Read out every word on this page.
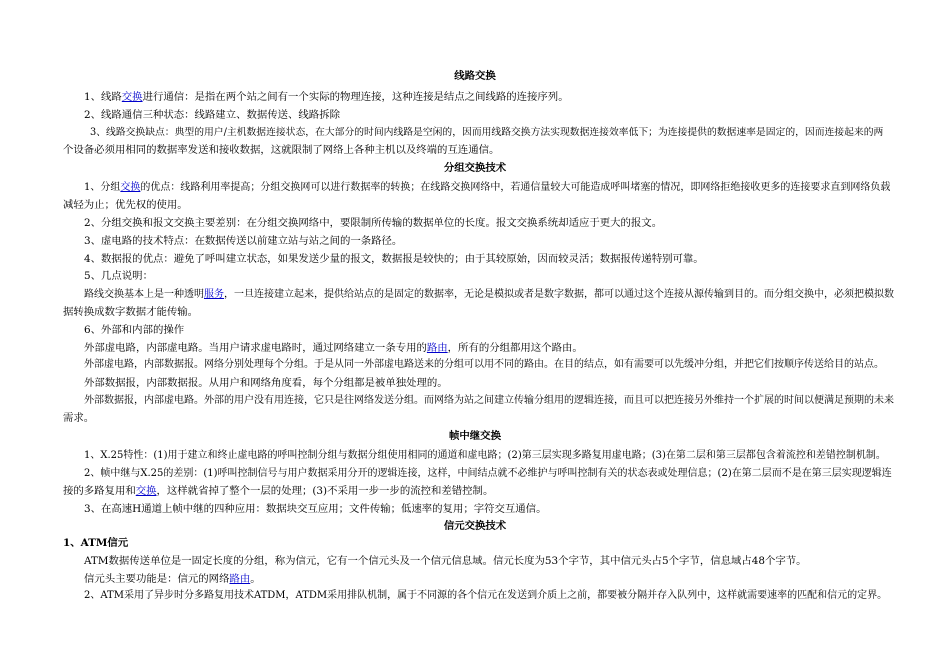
线路交换
1、线路交换进行通信：是指在两个站之间有一个实际的物理连接，这种连接是结点之间线路的连接序列。
2、线路通信三种状态：线路建立、数据传送、线路拆除
3、线路交换缺点：典型的用户/主机数据连接状态，在大部分的时间内线路是空闲的，因而用线路交换方法实现数据连接效率低下；为连接提供的数据速率是固定的，因而连接起来的两
个设备必须用相同的数据率发送和接收数据，这就限制了网络上各种主机以及终端的互连通信。
分组交换技术
1、分组交换的优点：线路利用率提高；分组交换网可以进行数据率的转换；在线路交换网络中，若通信量较大可能造成呼叫堵塞的情况，即网络拒绝接收更多的连接要求直到网络负载
减轻为止；优先权的使用。
2、分组交换和报文交换主要差别：在分组交换网络中，要限制所传输的数据单位的长度。报文交换系统却适应于更大的报文。
3、虚电路的技术特点：在数据传送以前建立站与站之间的一条路径。
4、数据报的优点：避免了呼叫建立状态，如果发送少量的报文，数据报是较快的；由于其较原始，因而较灵活；数据报传递特别可靠。
5、几点说明：
路线交换基本上是一种透明服务，一旦连接建立起来，提供给站点的是固定的数据率，无论是模拟或者是数字数据，都可以通过这个连接从源传输到目的。而分组交换中，必须把模拟数
据转换成数字数据才能传输。
6、外部和内部的操作
外部虚电路，内部虚电路。当用户请求虚电路时，通过网络建立一条专用的路由，所有的分组都用这个路由。
外部虚电路，内部数据报。网络分别处理每个分组。于是从同一外部虚电路送来的分组可以用不同的路由。在目的结点，如有需要可以先缓冲分组，并把它们按顺序传送给目的站点。
外部数据报，内部数据报。从用户和网络角度看，每个分组都是被单独处理的。
外部数据报，内部虚电路。外部的用户没有用连接，它只是往网络发送分组。而网络为站之间建立传输分组用的逻辑连接，而且可以把连接另外维持一个扩展的时间以便满足预期的未来
需求。
帧中继交换
1、X.25特性：(1)用于建立和终止虚电路的呼叫控制分组与数据分组使用相同的通道和虚电路；(2)第三层实现多路复用虚电路；(3)在第二层和第三层都包含着流控和差错控制机制。
2、帧中继与X.25的差别：(1)呼叫控制信号与用户数据采用分开的逻辑连接，这样，中间结点就不必维护与呼叫控制有关的状态表或处理信息；(2)在第二层而不是在第三层实现逻辑连
接的多路复用和交换，这样就省掉了整个一层的处理；(3)不采用一步一步的流控和差错控制。
3、在高速H通道上帧中继的四种应用：数据块交互应用；文件传输；低速率的复用；字符交互通信。
信元交换技术
1、ATM信元
ATM数据传送单位是一固定长度的分组，称为信元，它有一个信元头及一个信元信息域。信元长度为53个字节，其中信元头占5个字节，信息域占48个字节。
信元头主要功能是：信元的网络路由。
2、ATM采用了异步时分多路复用技术ATDM，ATDM采用排队机制，属于不同源的各个信元在发送到介质上之前，都要被分隔并存入队列中，这样就需要速率的匹配和信元的定界。
